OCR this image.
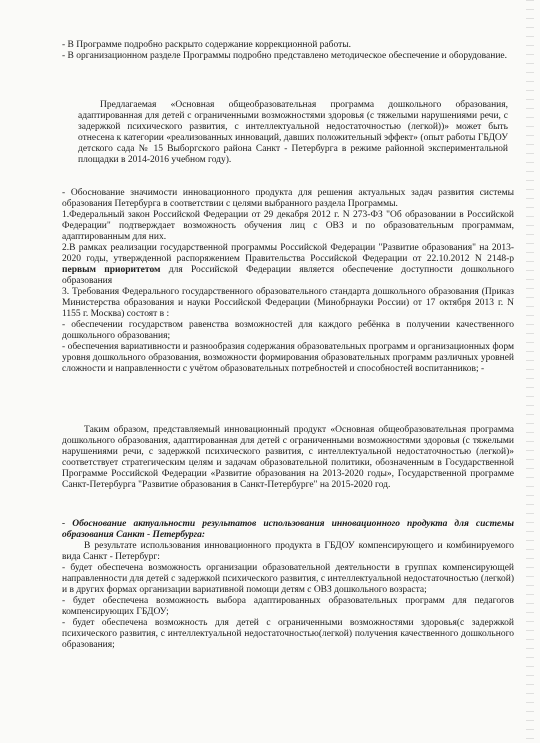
- В Программе подробно раскрыто содержание коррекционной работы.

- В организационном разделе Программы подробно представлено методическое обеспечение и оборудование.

Предлагаемая «Основная общеобразовательная программа дошкольного образования, адаптированная для детей с ограниченными возможностями здоровья (с тяжелыми нарушениями речи, с задержкой психического развития, с интеллектуальной недостаточностью (легкой))» может быть отнесена к категории «реализованных инноваций, давших положительный эффект» (опыт работы ГБДОУ детского сада № 15 Выборгского района Санкт - Петербурга в режиме районной экспериментальной площадки в 2014-2016 учебном году).

- Обоснование значимости инновационного продукта для решения актуальных задач развития системы образования Петербурга в соответствии с целями выбранного раздела Программы.

1.Федеральный закон Российской Федерации от 29 декабря 2012 г. N 273-ФЗ "Об образовании в Российской Федерации" подтверждает возможность обучения лиц с ОВЗ и по образовательным программам, адаптированным для них.

2.В рамках реализации государственной программы Российской Федерации "Развитие образования" на 2013-2020 годы, утвержденной распоряжением Правительства Российской Федерации от 22.10.2012 N 2148-р первым приоритетом для Российской Федерации является обеспечение доступности дошкольного образования

3. Требования Федерального государственного образовательного стандарта дошкольного образования (Приказ Министерства образования и науки Российской Федерации (Минобрнауки России) от 17 октября 2013 г. N 1155 г. Москва) состоят в :

- обеспечении государством равенства возможностей для каждого ребёнка в получении качественного дошкольного образования;

- обеспечения вариативности и разнообразия содержания образовательных программ и организационных форм уровня дошкольного образования, возможности формирования образовательных программ различных уровней сложности и направленности с учётом образовательных потребностей и способностей воспитанников; -

Таким образом, представляемый инновационный продукт «Основная общеобразовательная программа дошкольного образования, адаптированная для детей с ограниченными возможностями здоровья (с тяжелыми нарушениями речи, с задержкой психического развития, с интеллектуальной недостаточностью (легкой)» соответствует стратегическим целям и задачам образовательной политики, обозначенным в Государственной Программе Российской Федерации «Развитие образования на 2013-2020 годы», Государственной программе Санкт-Петербурга "Развитие образования в Санкт-Петербурге" на 2015-2020 год.

- Обоснование актуальности результатов использования инновационного продукта для системы образования Санкт - Петербурга:

В результате использования инновационного продукта в ГБДОУ компенсирующего и комбинируемого вида Санкт - Петербург:

- будет обеспечена возможность организации образовательной деятельности в группах компенсирующей направленности для детей с задержкой психического развития, с интеллектуальной недостаточностью (легкой) и в других формах организации вариативной помощи детям с ОВЗ дошкольного возраста;

- будет обеспечена возможность выбора адаптированных образовательных программ для педагогов компенсирующих ГБДОУ;

- будет обеспечена возможность для детей с ограниченными возможностями здоровья(с задержкой психического развития, с интеллектуальной недостаточностью(легкой) получения качественного дошкольного образования;
